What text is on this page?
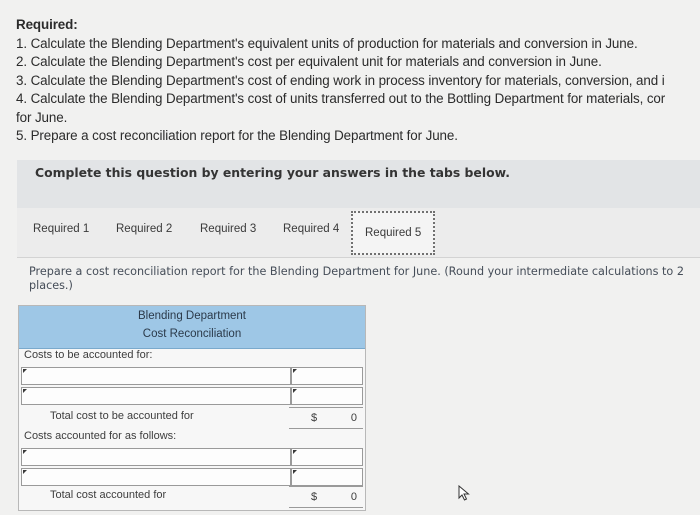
Required:
1. Calculate the Blending Department's equivalent units of production for materials and conversion in June.
2. Calculate the Blending Department's cost per equivalent unit for materials and conversion in June.
3. Calculate the Blending Department's cost of ending work in process inventory for materials, conversion, and i
4. Calculate the Blending Department's cost of units transferred out to the Bottling Department for materials, cor
for June.
5. Prepare a cost reconciliation report for the Blending Department for June.
Complete this question by entering your answers in the tabs below.
Required 1 Required 2 Required 3 Required 4	Required 5
Prepare a cost reconciliation report for the Blending Department for June. (Round your intermediate calculations to 2
places.)
Blending Department
Cost Reconciliation
Costs to be accounted for:
Total cost to be accounted for	$	0
Costs accounted for as follows:
Total cost accounted for	$	0
